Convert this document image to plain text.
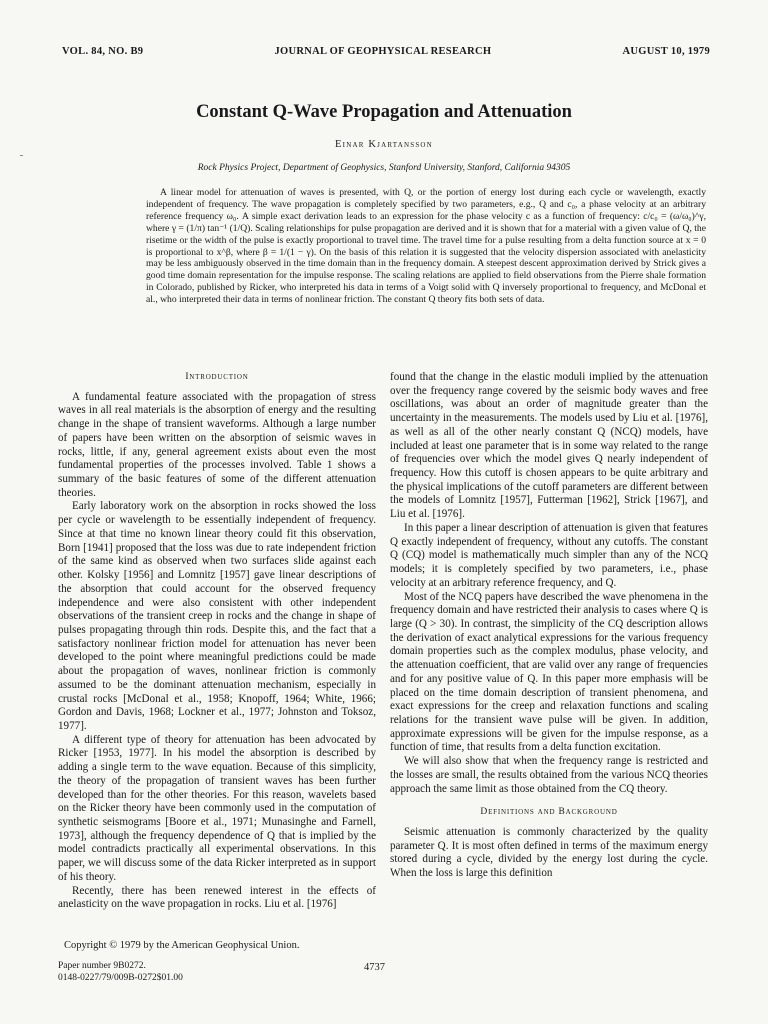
VOL. 84, NO. B9	JOURNAL OF GEOPHYSICAL RESEARCH	AUGUST 10, 1979
Constant Q-Wave Propagation and Attenuation
Einar Kjartansson
Rock Physics Project, Department of Geophysics, Stanford University, Stanford, California 94305

A linear model for attenuation of waves is presented, with Q, or the portion of energy lost during each cycle or wavelength, exactly independent of frequency. The wave propagation is completely specified by two parameters, e.g., Q and c₀, a phase velocity at an arbitrary reference frequency ω₀. A simple exact derivation leads to an expression for the phase velocity c as a function of frequency: c/c₀ = (ω/ω₀)^γ, where γ = (1/π) tan⁻¹ (1/Q). Scaling relationships for pulse propagation are derived and it is shown that for a material with a given value of Q, the risetime or the width of the pulse is exactly proportional to travel time. The travel time for a pulse resulting from a delta function source at x = 0 is proportional to x^β, where β = 1/(1 − γ). On the basis of this relation it is suggested that the velocity dispersion associated with anelasticity may be less ambiguously observed in the time domain than in the frequency domain. A steepest descent approximation derived by Strick gives a good time domain representation for the impulse response. The scaling relations are applied to field observations from the Pierre shale formation in Colorado, published by Ricker, who interpreted his data in terms of a Voigt solid with Q inversely proportional to frequency, and McDonal et al., who interpreted their data in terms of nonlinear friction. The constant Q theory fits both sets of data.

Introduction

A fundamental feature associated with the propagation of stress waves in all real materials is the absorption of energy and the resulting change in the shape of transient waveforms. Although a large number of papers have been written on the absorption of seismic waves in rocks, little, if any, general agreement exists about even the most fundamental properties of the processes involved. Table 1 shows a summary of the basic features of some of the different attenuation theories.

Early laboratory work on the absorption in rocks showed the loss per cycle or wavelength to be essentially independent of frequency. Since at that time no known linear theory could fit this observation, Born [1941] proposed that the loss was due to rate independent friction of the same kind as observed when two surfaces slide against each other. Kolsky [1956] and Lomnitz [1957] gave linear descriptions of the absorption that could account for the observed frequency independence and were also consistent with other independent observations of the transient creep in rocks and the change in shape of pulses propagating through thin rods. Despite this, and the fact that a satisfactory nonlinear friction model for attenuation has never been developed to the point where meaningful predictions could be made about the propagation of waves, nonlinear friction is commonly assumed to be the dominant attenuation mechanism, especially in crustal rocks [McDonal et al., 1958; Knopoff, 1964; White, 1966; Gordon and Davis, 1968; Lockner et al., 1977; Johnston and Toksoz, 1977].

A different type of theory for attenuation has been advocated by Ricker [1953, 1977]. In his model the absorption is described by adding a single term to the wave equation. Because of this simplicity, the theory of the propagation of transient waves has been further developed than for the other theories. For this reason, wavelets based on the Ricker theory have been commonly used in the computation of synthetic seismograms [Boore et al., 1971; Munasinghe and Farnell, 1973], although the frequency dependence of Q that is implied by the model contradicts practically all experimental observations. In this paper, we will discuss some of the data Ricker interpreted as in support of his theory.

Recently, there has been renewed interest in the effects of anelasticity on the wave propagation in rocks. Liu et al. [1976]

found that the change in the elastic moduli implied by the attenuation over the frequency range covered by the seismic body waves and free oscillations, was about an order of magnitude greater than the uncertainty in the measurements. The models used by Liu et al. [1976], as well as all of the other nearly constant Q (NCQ) models, have included at least one parameter that is in some way related to the range of frequencies over which the model gives Q nearly independent of frequency. How this cutoff is chosen appears to be quite arbitrary and the physical implications of the cutoff parameters are different between the models of Lomnitz [1957], Futterman [1962], Strick [1967], and Liu et al. [1976].

In this paper a linear description of attenuation is given that features Q exactly independent of frequency, without any cutoffs. The constant Q (CQ) model is mathematically much simpler than any of the NCQ models; it is completely specified by two parameters, i.e., phase velocity at an arbitrary reference frequency, and Q.

Most of the NCQ papers have described the wave phenomena in the frequency domain and have restricted their analysis to cases where Q is large (Q > 30). In contrast, the simplicity of the CQ description allows the derivation of exact analytical expressions for the various frequency domain properties such as the complex modulus, phase velocity, and the attenuation coefficient, that are valid over any range of frequencies and for any positive value of Q. In this paper more emphasis will be placed on the time domain description of transient phenomena, and exact expressions for the creep and relaxation functions and scaling relations for the transient wave pulse will be given. In addition, approximate expressions will be given for the impulse response, as a function of time, that results from a delta function excitation.

We will also show that when the frequency range is restricted and the losses are small, the results obtained from the various NCQ theories approach the same limit as those obtained from the CQ theory.

Definitions and Background

Seismic attenuation is commonly characterized by the quality parameter Q. It is most often defined in terms of the maximum energy stored during a cycle, divided by the energy lost during the cycle. When the loss is large this definition

Copyright © 1979 by the American Geophysical Union.
Paper number 9B0272.
0148-0227/79/009B-0272$01.00
4737
